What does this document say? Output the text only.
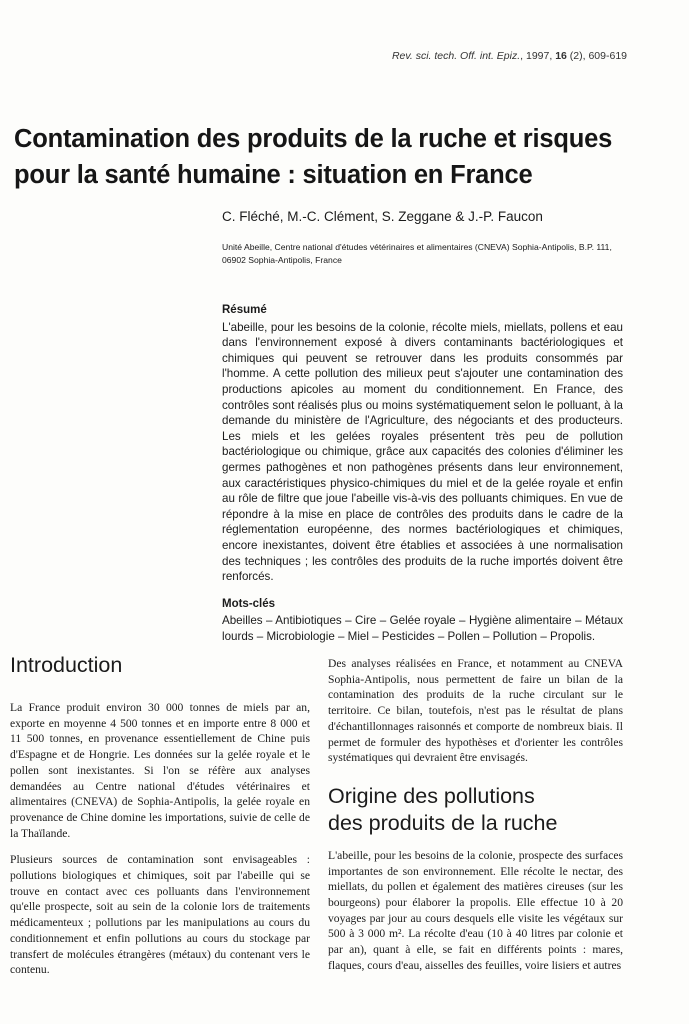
Rev. sci. tech. Off. int. Epiz., 1997, 16 (2), 609-619
Contamination des produits de la ruche et risques pour la santé humaine : situation en France
C. Fléché, M.-C. Clément, S. Zeggane & J.-P. Faucon
Unité Abeille, Centre national d'études vétérinaires et alimentaires (CNEVA) Sophia-Antipolis, B.P. 111, 06902 Sophia-Antipolis, France
Résumé

L'abeille, pour les besoins de la colonie, récolte miels, miellats, pollens et eau dans l'environnement exposé à divers contaminants bactériologiques et chimiques qui peuvent se retrouver dans les produits consommés par l'homme. A cette pollution des milieux peut s'ajouter une contamination des productions apicoles au moment du conditionnement. En France, des contrôles sont réalisés plus ou moins systématiquement selon le polluant, à la demande du ministère de l'Agriculture, des négociants et des producteurs. Les miels et les gelées royales présentent très peu de pollution bactériologique ou chimique, grâce aux capacités des colonies d'éliminer les germes pathogènes et non pathogènes présents dans leur environnement, aux caractéristiques physico-chimiques du miel et de la gelée royale et enfin au rôle de filtre que joue l'abeille vis-à-vis des polluants chimiques. En vue de répondre à la mise en place de contrôles des produits dans le cadre de la réglementation européenne, des normes bactériologiques et chimiques, encore inexistantes, doivent être établies et associées à une normalisation des techniques ; les contrôles des produits de la ruche importés doivent être renforcés.

Mots-clés

Abeilles – Antibiotiques – Cire – Gelée royale – Hygiène alimentaire – Métaux lourds – Microbiologie – Miel – Pesticides – Pollen – Pollution – Propolis.

Introduction

La France produit environ 30 000 tonnes de miels par an, exporte en moyenne 4 500 tonnes et en importe entre 8 000 et 11 500 tonnes, en provenance essentiellement de Chine puis d'Espagne et de Hongrie. Les données sur la gelée royale et le pollen sont inexistantes. Si l'on se réfère aux analyses demandées au Centre national d'études vétérinaires et alimentaires (CNEVA) de Sophia-Antipolis, la gelée royale en provenance de Chine domine les importations, suivie de celle de la Thaïlande.

Plusieurs sources de contamination sont envisageables : pollutions biologiques et chimiques, soit par l'abeille qui se trouve en contact avec ces polluants dans l'environnement qu'elle prospecte, soit au sein de la colonie lors de traitements médicamenteux ; pollutions par les manipulations au cours du conditionnement et enfin pollutions au cours du stockage par transfert de molécules étrangères (métaux) du contenant vers le contenu.

Des analyses réalisées en France, et notamment au CNEVA Sophia-Antipolis, nous permettent de faire un bilan de la contamination des produits de la ruche circulant sur le territoire. Ce bilan, toutefois, n'est pas le résultat de plans d'échantillonnages raisonnés et comporte de nombreux biais. Il permet de formuler des hypothèses et d'orienter les contrôles systématiques qui devraient être envisagés.

Origine des pollutions
des produits de la ruche

L'abeille, pour les besoins de la colonie, prospecte des surfaces importantes de son environnement. Elle récolte le nectar, des miellats, du pollen et également des matières cireuses (sur les bourgeons) pour élaborer la propolis. Elle effectue 10 à 20 voyages par jour au cours desquels elle visite les végétaux sur 500 à 3 000 m². La récolte d'eau (10 à 40 litres par colonie et par an), quant à elle, se fait en différents points : mares, flaques, cours d'eau, aisselles des feuilles, voire lisiers et autres
